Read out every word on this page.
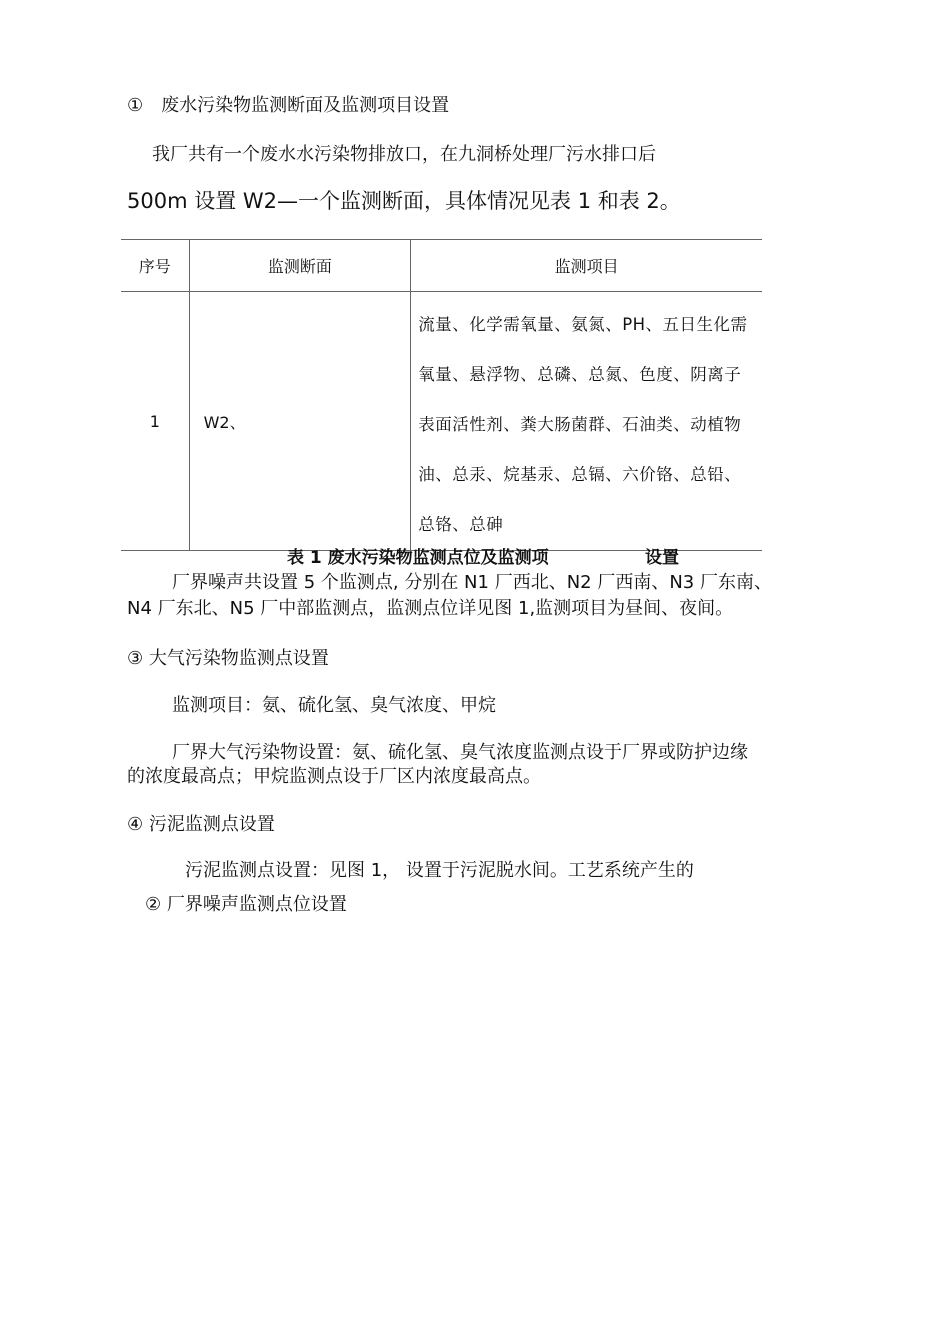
①　废水污染物监测断面及监测项目设置
我厂共有一个废水水污染物排放口，在九洞桥处理厂污水排口后
500m 设置 W2—一个监测断面，具体情况见表 1 和表 2。
序号	监测断面	监测项目
1	W2、	流量、化学需氧量、氨氮、PH、五日生化需氧量、悬浮物、总磷、总氮、色度、阴离子表面活性剂、粪大肠菌群、石油类、动植物油、总汞、烷基汞、总镉、六价铬、总铅、总铬、总砷
表 1 废水污染物监测点位及监测项	设置
厂界噪声共设置 5 个监测点, 分别在 N1 厂西北、N2 厂西南、N3 厂东南、
N4 厂东北、N5 厂中部监测点，监测点位详见图 1,监测项目为昼间、夜间。
③ 大气污染物监测点设置
监测项目：氨、硫化氢、臭气浓度、甲烷
厂界大气污染物设置：氨、硫化氢、臭气浓度监测点设于厂界或防护边缘
的浓度最高点；甲烷监测点设于厂区内浓度最高点。
④ 污泥监测点设置
污泥监测点设置：见图 1， 设置于污泥脱水间。工艺系统产生的
② 厂界噪声监测点位设置
